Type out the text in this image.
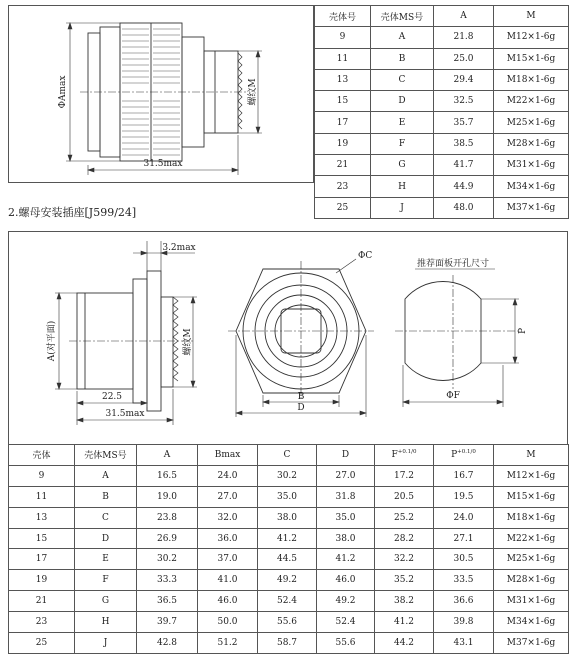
ΦAmax	螺纹M
31.5max
壳体号	壳体MS号	A	M
9	A	21.8	M12×1-6g
11	B	25.0	M15×1-6g
13	C	29.4	M18×1-6g
15	D	32.5	M22×1-6g
17	E	35.7	M25×1-6g
19	F	38.5	M28×1-6g
21	G	41.7	M31×1-6g
23	H	44.9	M34×1-6g
25	J	48.0	M37×1-6g
2.螺母安装插座[J599/24]
A(对平面)	螺纹M
3.2max
22.5
31.5max
ΦC
B
D
推荐面板开孔尺寸
P
ΦF
壳体	壳体MS号	A	Bmax	C	D	$F^{+0.1/0}$	$P^{+0.1/0}$	M
9	A	16.5	24.0	30.2	27.0	17.2	16.7	M12×1-6g
11	B	19.0	27.0	35.0	31.8	20.5	19.5	M15×1-6g
13	C	23.8	32.0	38.0	35.0	25.2	24.0	M18×1-6g
15	D	26.9	36.0	41.2	38.0	28.2	27.1	M22×1-6g
17	E	30.2	37.0	44.5	41.2	32.2	30.5	M25×1-6g
19	F	33.3	41.0	49.2	46.0	35.2	33.5	M28×1-6g
21	G	36.5	46.0	52.4	49.2	38.2	36.6	M31×1-6g
23	H	39.7	50.0	55.6	52.4	41.2	39.8	M34×1-6g
25	J	42.8	51.2	58.7	55.6	44.2	43.1	M37×1-6g
